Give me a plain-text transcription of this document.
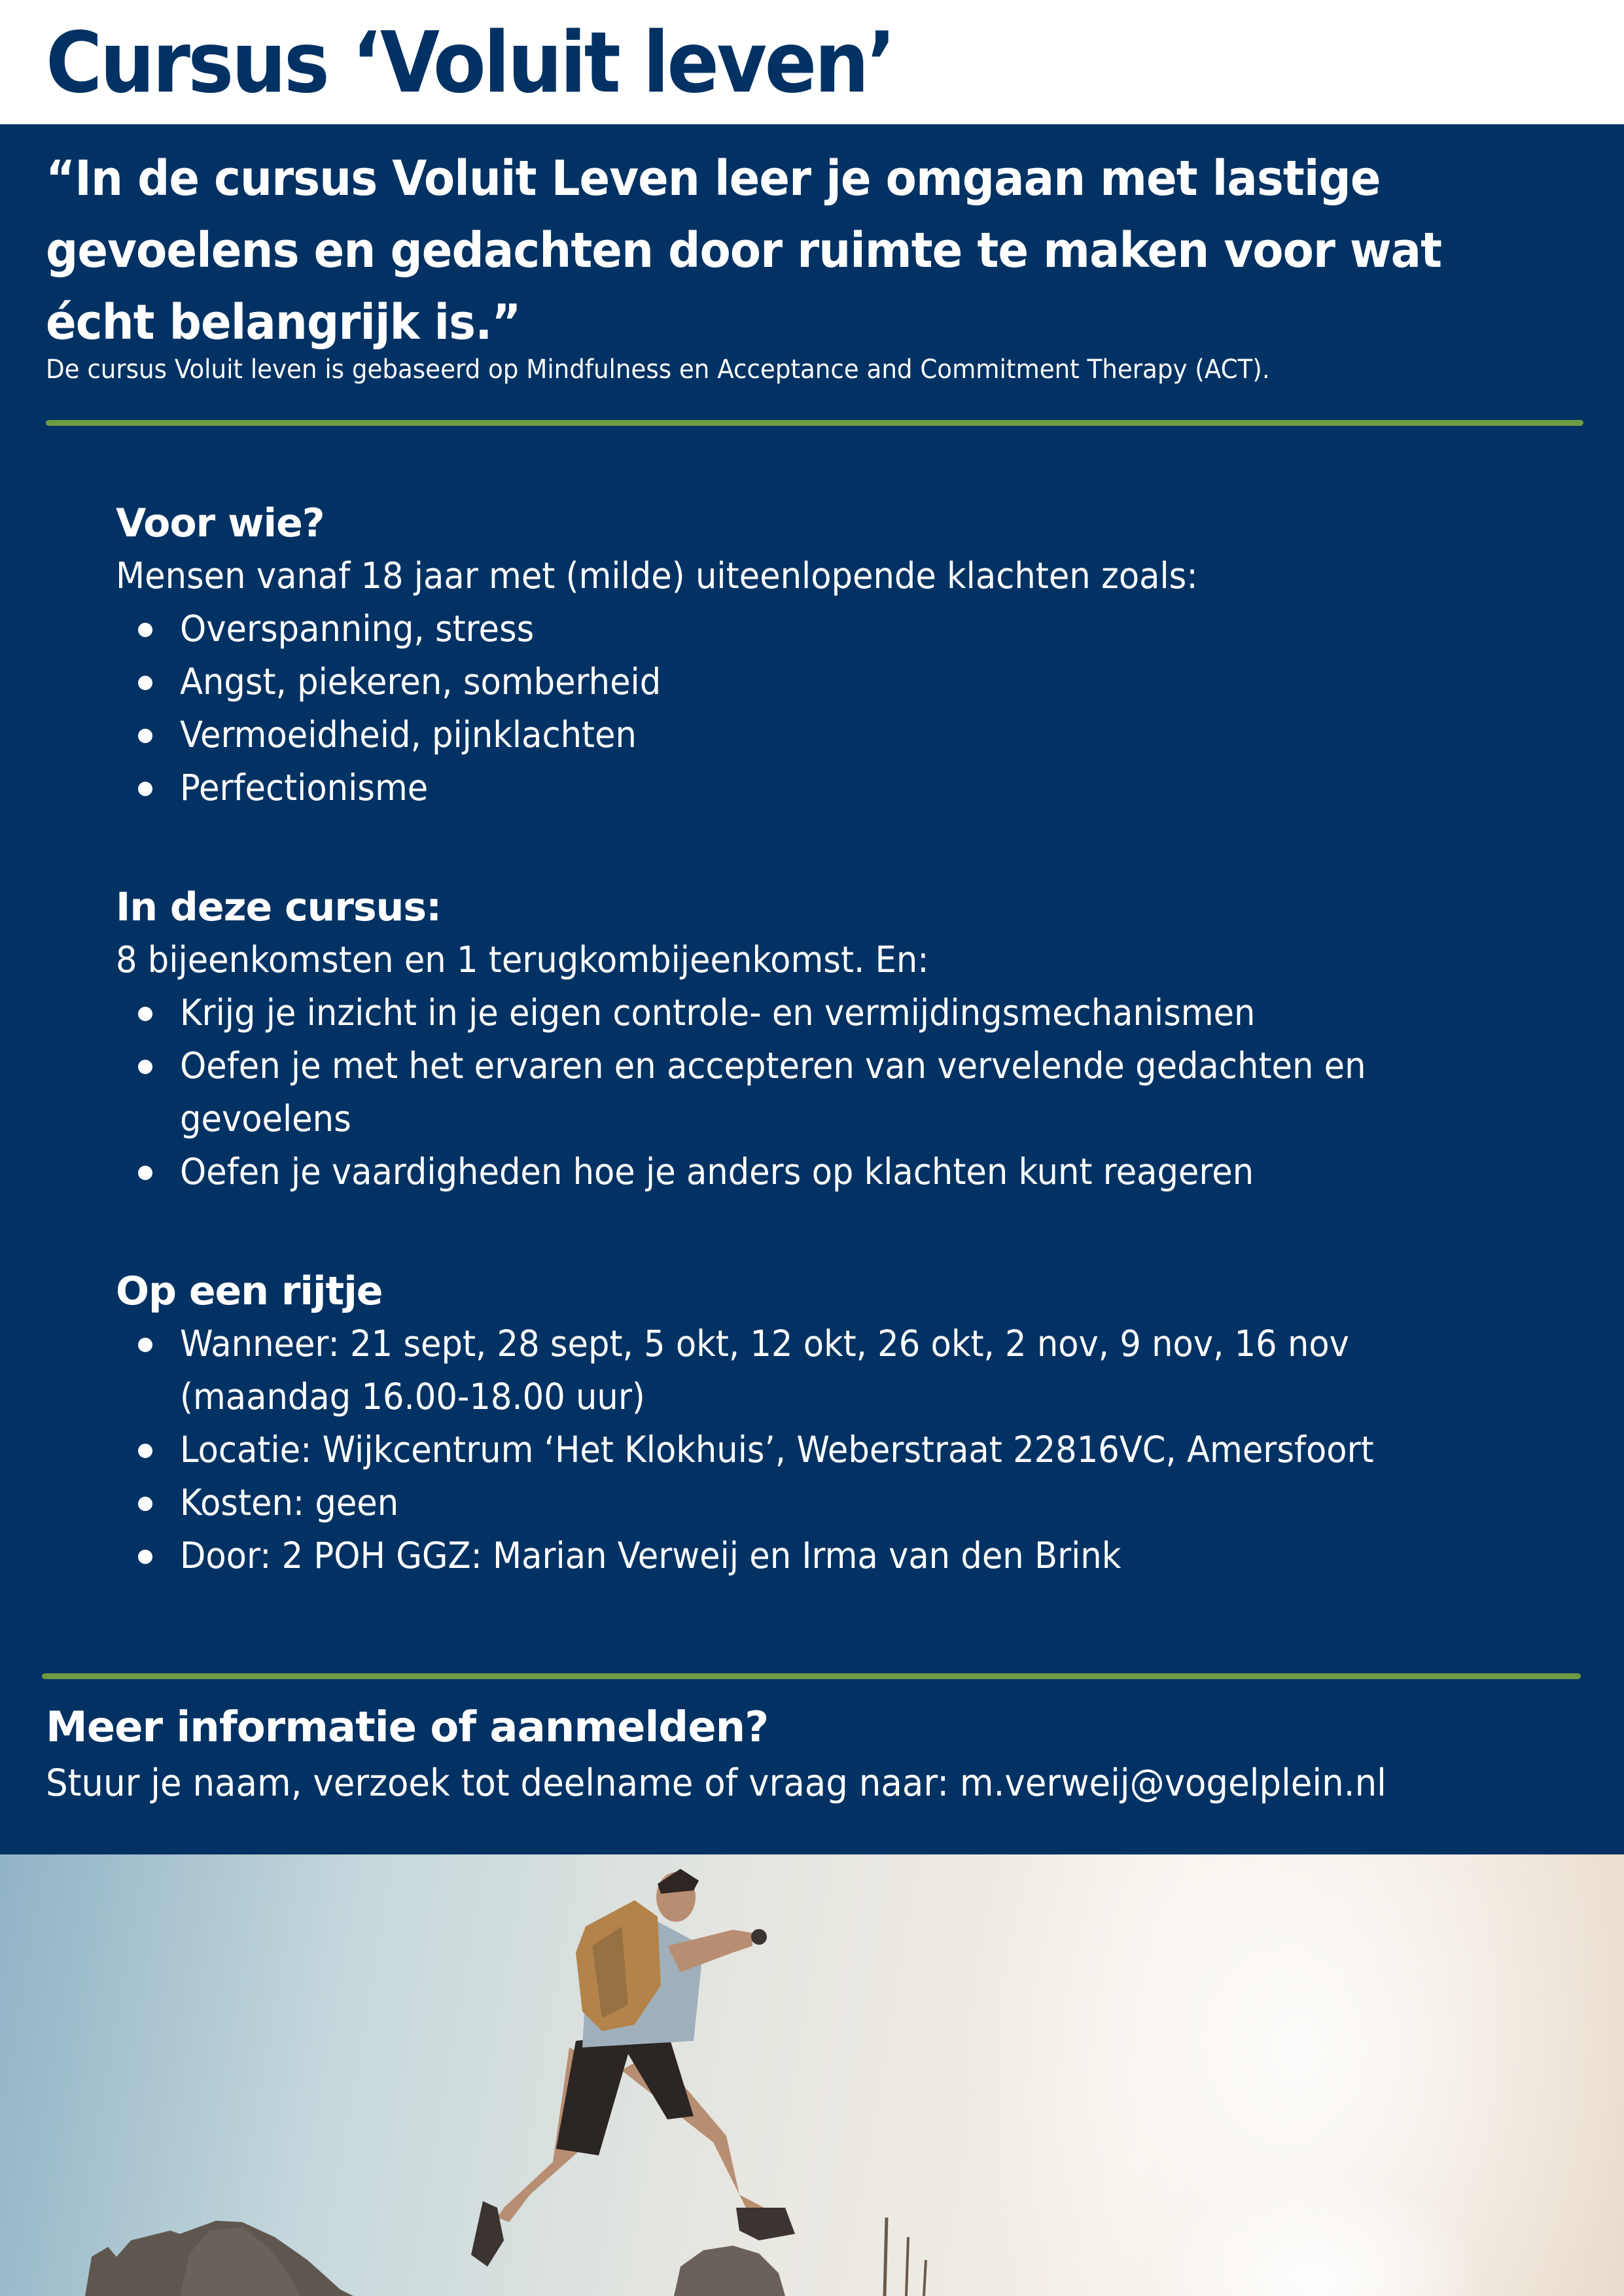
Cursus ‘Voluit leven’
“In de cursus Voluit Leven leer je omgaan met lastige
gevoelens en gedachten door ruimte te maken voor wat
écht belangrijk is.”
De cursus Voluit leven is gebaseerd op Mindfulness en Acceptance and Commitment Therapy (ACT).
Voor wie?

Mensen vanaf 18 jaar met (milde) uiteenlopende klachten zoals:

Overspanning, stress
Angst, piekeren, somberheid
Vermoeidheid, pijnklachten
Perfectionisme
In deze cursus:

8 bijeenkomsten en 1 terugkombijeenkomst. En:

Krijg je inzicht in je eigen controle- en vermijdingsmechanismen
Oefen je met het ervaren en accepteren van vervelende gedachten en gevoelens
Oefen je vaardigheden hoe je anders op klachten kunt reageren
Op een rijtje
Wanneer: 21 sept, 28 sept, 5 okt, 12 okt, 26 okt, 2 nov, 9 nov, 16 nov (maandag 16.00-18.00 uur)
Locatie: Wijkcentrum ‘Het Klokhuis’, Weberstraat 22816VC, Amersfoort
Kosten: geen
Door: 2 POH GGZ: Marian Verweij en Irma van den Brink
Meer informatie of aanmelden?

Stuur je naam, verzoek tot deelname of vraag naar: m.verweij@vogelplein.nl
